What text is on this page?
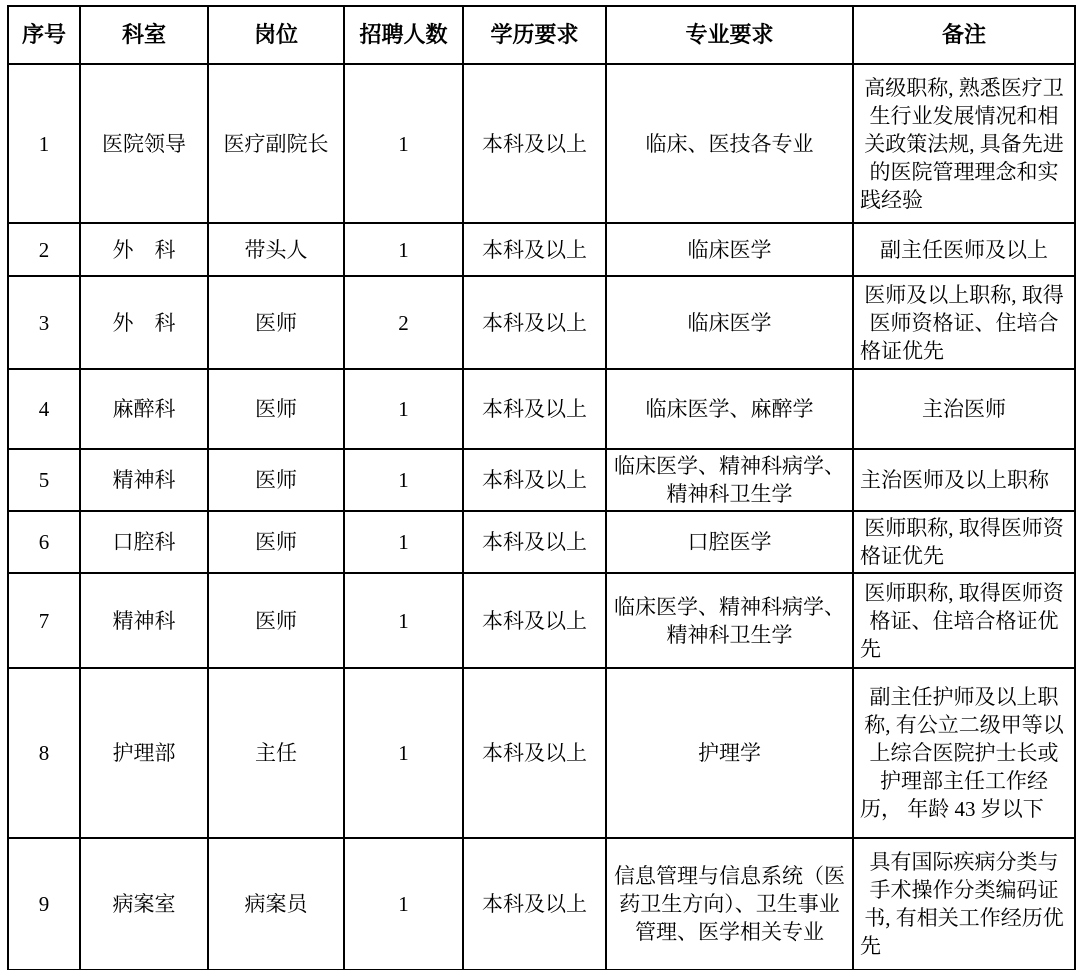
序号	科室	岗位	招聘人数	学历要求	专业要求	备注
1	医院领导	医疗副院长	1	本科及以上	临床、医技各专业	高级职称, 熟悉医疗卫生行业发展情况和相关政策法规, 具备先进的医院管理理念和实践经验
2	外　科	带头人	1	本科及以上	临床医学	副主任医师及以上
3	外　科	医师	2	本科及以上	临床医学	医师及以上职称, 取得医师资格证、住培合格证优先
4	麻醉科	医师	1	本科及以上	临床医学、麻醉学	主治医师
5	精神科	医师	1	本科及以上	临床医学、精神科病学、精神科卫生学	主治医师及以上职称
6	口腔科	医师	1	本科及以上	口腔医学	医师职称, 取得医师资格证优先
7	精神科	医师	1	本科及以上	临床医学、精神科病学、精神科卫生学	医师职称, 取得医师资格证、住培合格证优先
8	护理部	主任	1	本科及以上	护理学	副主任护师及以上职称, 有公立二级甲等以上综合医院护士长或护理部主任工作经历， 年龄 43 岁以下
9	病案室	病案员	1	本科及以上	信息管理与信息系统（医药卫生方向）、卫生事业管理、医学相关专业	具有国际疾病分类与手术操作分类编码证书, 有相关工作经历优先
